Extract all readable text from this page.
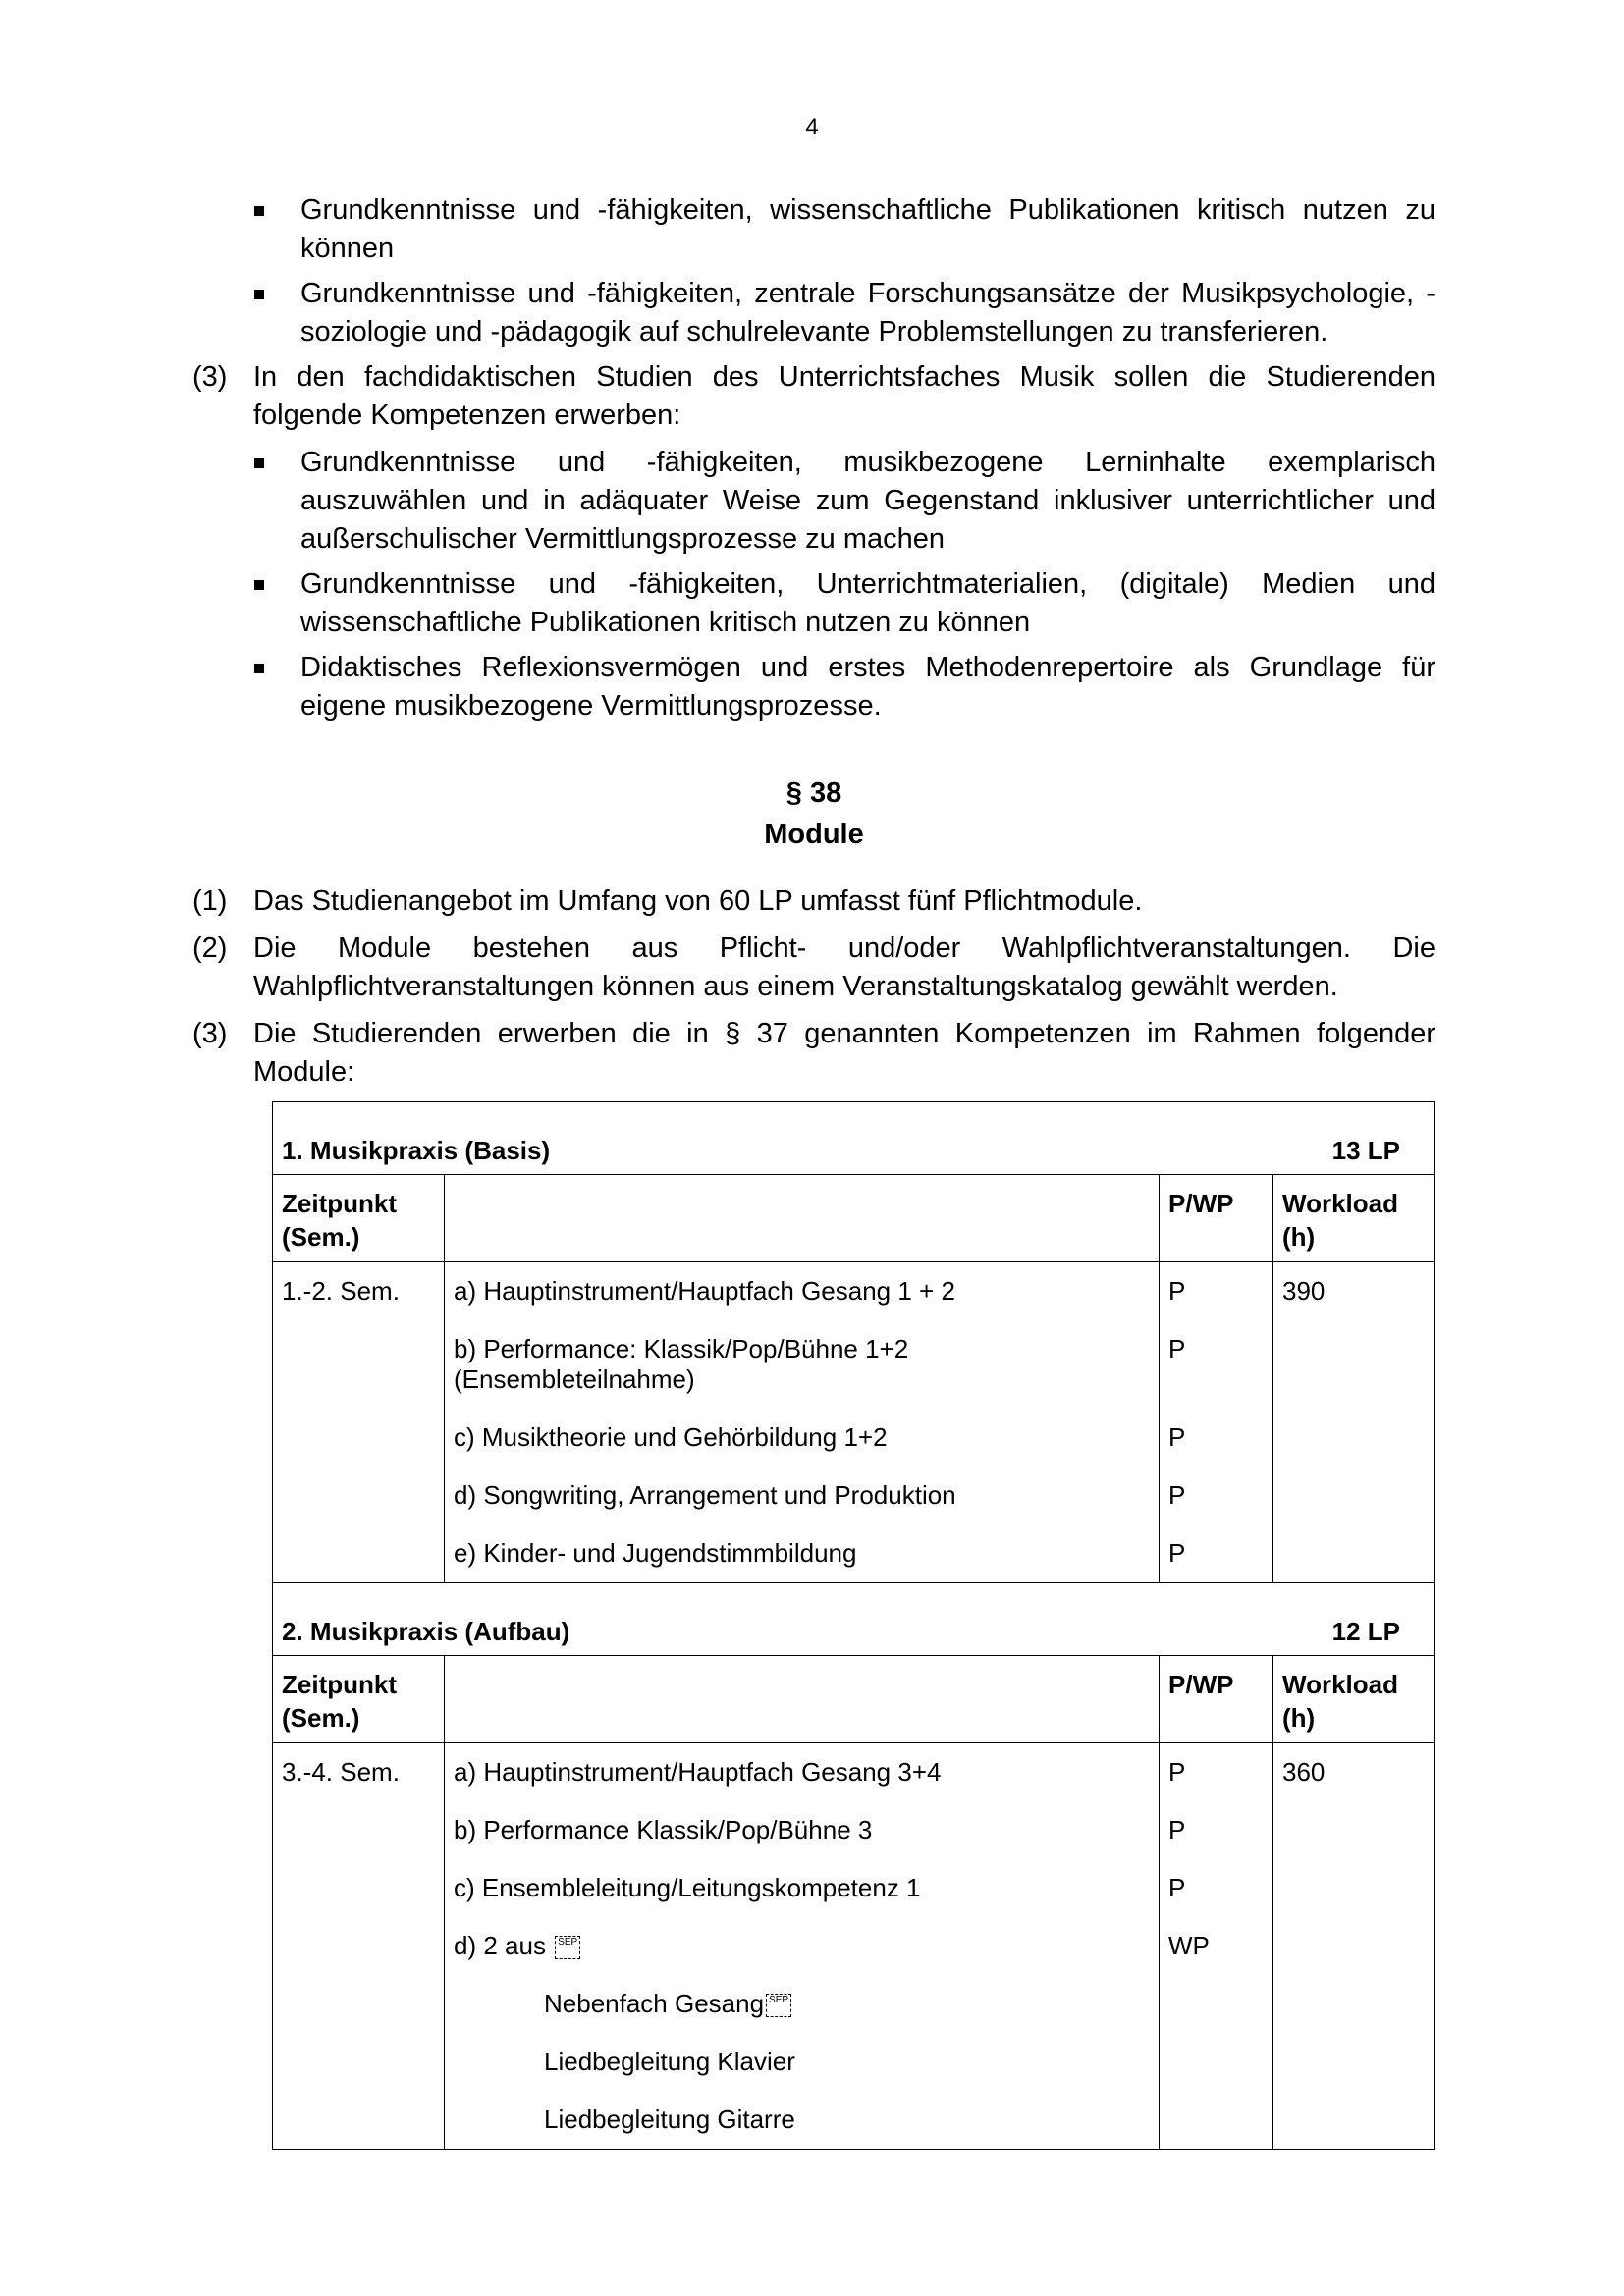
4
Grundkenntnisse und -fähigkeiten, wissenschaftliche Publikationen kritisch nutzen zu können
Grundkenntnisse und -fähigkeiten, zentrale Forschungsansätze der Musikpsychologie, -soziologie und -pädagogik auf schulrelevante Problemstellungen zu transferieren.
(3) In den fachdidaktischen Studien des Unterrichtsfaches Musik sollen die Studierenden folgende Kompetenzen erwerben:
Grundkenntnisse und -fähigkeiten, musikbezogene Lerninhalte exemplarisch auszuwählen und in adäquater Weise zum Gegenstand inklusiver unterrichtlicher und außerschulischer Vermittlungsprozesse zu machen
Grundkenntnisse und -fähigkeiten, Unterrichtmaterialien, (digitale) Medien und wissenschaftliche Publikationen kritisch nutzen zu können
Didaktisches Reflexionsvermögen und erstes Methodenrepertoire als Grundlage für eigene musikbezogene Vermittlungsprozesse.
§ 38
Module
(1) Das Studienangebot im Umfang von 60 LP umfasst fünf Pflichtmodule.
(2) Die Module bestehen aus Pflicht- und/oder Wahlpflichtveranstaltungen. Die Wahlpflichtveranstaltungen können aus einem Veranstaltungskatalog gewählt werden.
(3) Die Studierenden erwerben die in § 37 genannten Kompetenzen im Rahmen folgender Module:
1. Musikpraxis (Basis) 13 LP			

Zeitpunkt (Sem.)		P/WP	Workload (h)
1.-2. Sem.	a) Hauptinstrument/Hauptfach Gesang 1 + 2	P	390
	b) Performance: Klassik/Pop/Bühne 1+2 (Ensembleteilnahme)	P	
	c) Musiktheorie und Gehörbildung 1+2	P	
	d) Songwriting, Arrangement und Produktion	P	
	e) Kinder- und Jugendstimmbildung	P	
2. Musikpraxis (Aufbau) 12 LP			

Zeitpunkt (Sem.)		P/WP	Workload (h)
3.-4. Sem.	a) Hauptinstrument/Hauptfach Gesang 3+4	P	360
	b) Performance Klassik/Pop/Bühne 3	P	
	c) Ensembleleitung/Leitungskompetenz 1	P	
	d) 2 aus SEP	WP	
	Nebenfach Gesang SEP		
	Liedbegleitung Klavier		
	Liedbegleitung Gitarre		
